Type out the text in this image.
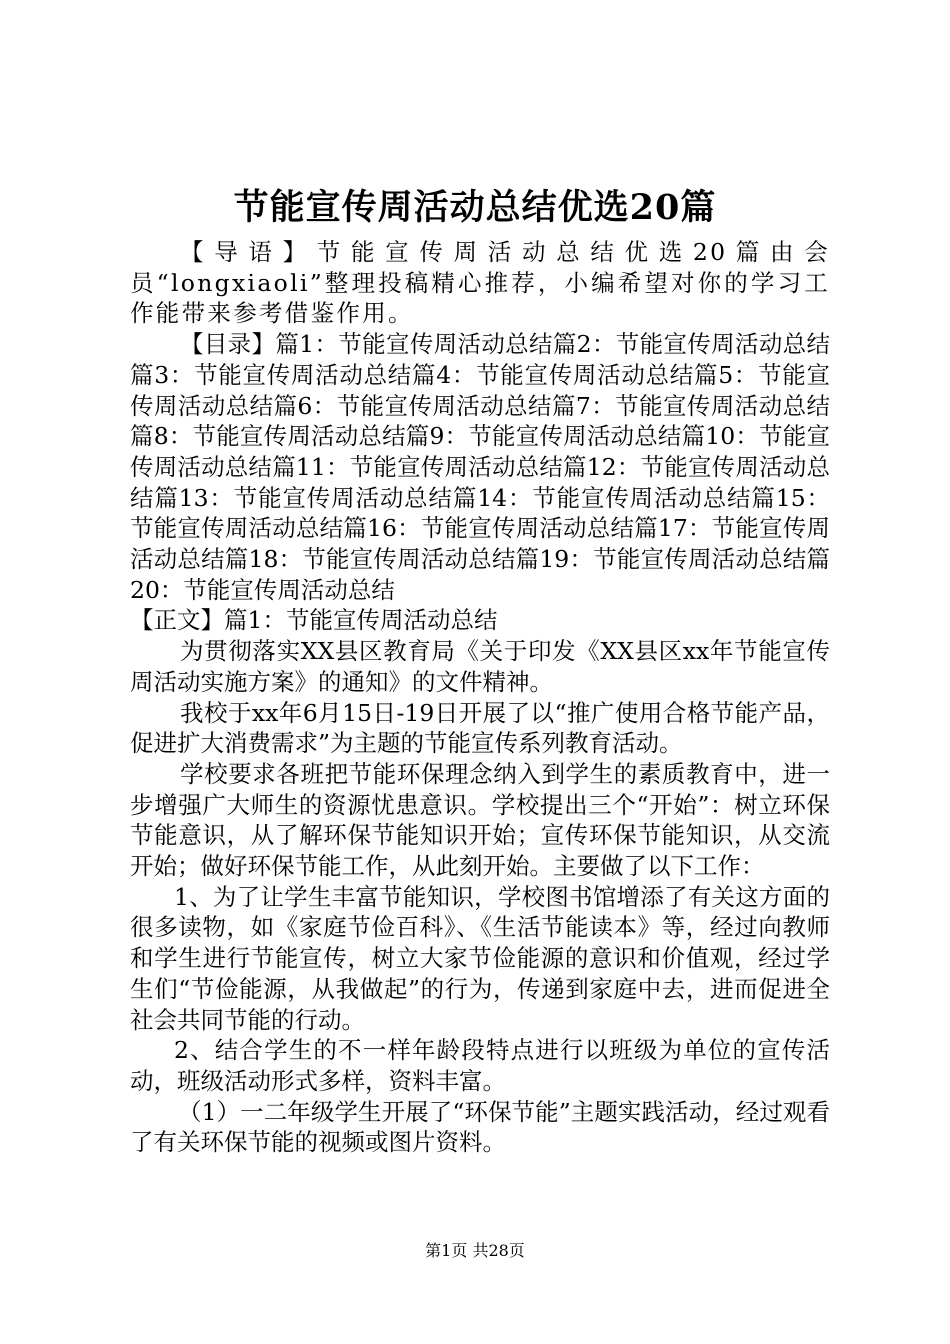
节能宣传周活动总结优选20篇

【导语】节能宣传周活动总结优选20篇由会员“longxiaoli”整理投稿精心推荐，小编希望对你的学习工作能带来参考借鉴作用。

【目录】篇1：节能宣传周活动总结篇2：节能宣传周活动总结篇3：节能宣传周活动总结篇4：节能宣传周活动总结篇5：节能宣传周活动总结篇6：节能宣传周活动总结篇7：节能宣传周活动总结篇8：节能宣传周活动总结篇9：节能宣传周活动总结篇10：节能宣传周活动总结篇11：节能宣传周活动总结篇12：节能宣传周活动总结篇13：节能宣传周活动总结篇14：节能宣传周活动总结篇15：节能宣传周活动总结篇16：节能宣传周活动总结篇17：节能宣传周活动总结篇18：节能宣传周活动总结篇19：节能宣传周活动总结篇20：节能宣传周活动总结

【正文】篇1：节能宣传周活动总结

为贯彻落实XX县区教育局《关于印发《XX县区xx年节能宣传周活动实施方案》的通知》的文件精神。

我校于xx年6月15日-19日开展了以“推广使用合格节能产品，促进扩大消费需求”为主题的节能宣传系列教育活动。

学校要求各班把节能环保理念纳入到学生的素质教育中，进一步增强广大师生的资源忧患意识。学校提出三个“开始”：树立环保节能意识，从了解环保节能知识开始；宣传环保节能知识，从交流开始；做好环保节能工作，从此刻开始。主要做了以下工作：

1、为了让学生丰富节能知识，学校图书馆增添了有关这方面的很多读物，如《家庭节俭百科》、《生活节能读本》等，经过向教师和学生进行节能宣传，树立大家节俭能源的意识和价值观，经过学生们“节俭能源，从我做起”的行为，传递到家庭中去，进而促进全社会共同节能的行动。

2、结合学生的不一样年龄段特点进行以班级为单位的宣传活动，班级活动形式多样，资料丰富。

（1）一二年级学生开展了“环保节能”主题实践活动，经过观看了有关环保节能的视频或图片资料。

第1页 共28页
